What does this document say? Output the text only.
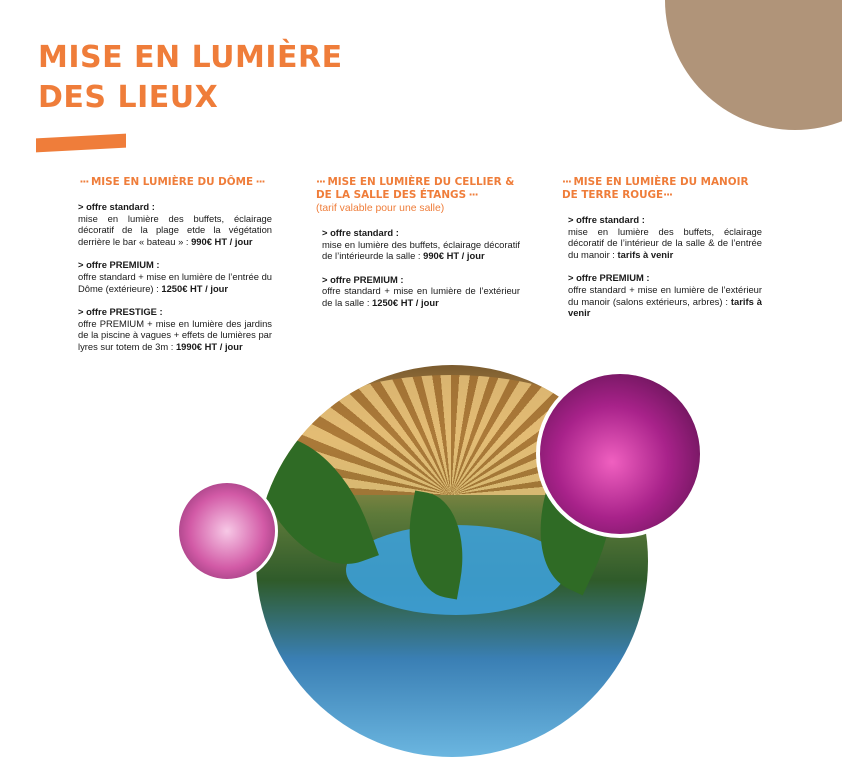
MISE EN LUMIÈRE
DES LIEUX

··· MISE EN LUMIÈRE DU DÔME ···

> offre standard :

mise en lumière des buffets, éclairage décoratif de la plage etde la végétation derrière le bar « bateau » : 990€ HT / jour

> offre PREMIUM :

offre standard + mise en lumière de l’entrée du Dôme (extérieure) : 1250€ HT / jour

> offre PRESTIGE :

offre PREMIUM + mise en lumière des jardins de la piscine à vagues + effets de lumières par lyres sur totem de 3m : 1990€ HT / jour

··· MISE EN LUMIÈRE DU CELLIER & DE LA SALLE DES ÉTANGS ···

(tarif valable pour une salle)

> offre standard :

mise en lumière des buffets, éclairage décoratif de l’intérieurde la salle : 990€ HT / jour

> offre PREMIUM :

offre standard + mise en lumière de l’extérieur de la salle : 1250€ HT / jour

··· MISE EN LUMIÈRE DU MANOIR DE TERRE ROUGE···

> offre standard :

mise en lumière des buffets, éclairage décoratif de l’intérieur de la salle & de l’entrée du manoir : tarifs à venir

> offre PREMIUM :

offre standard + mise en lumière de l’extérieur du manoir (salons extérieurs, arbres) : tarifs à venir
